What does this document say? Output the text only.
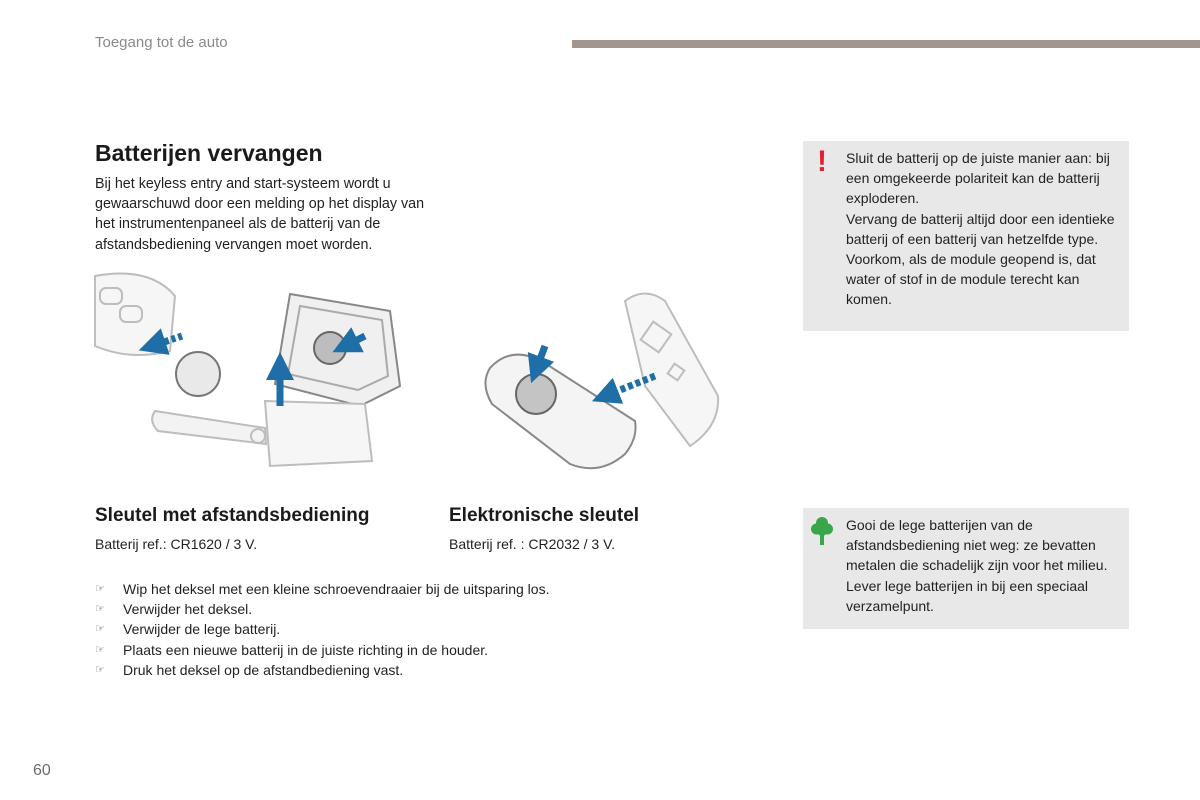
Toegang tot de auto
Batterijen vervangen
Bij het keyless entry and start-systeem wordt u gewaarschuwd door een melding op het display van het instrumentenpaneel als de batterij van de afstandsbediening vervangen moet worden.
Sleutel met afstandsbediening	Elektronische sleutel
Batterij ref.: CR1620 / 3 V.	Batterij ref. : CR2032 / 3 V.
☞ Wip het deksel met een kleine schroevendraaier bij de uitsparing los.
☞ Verwijder het deksel.
☞ Verwijder de lege batterij.
☞ Plaats een nieuwe batterij in de juiste richting in de houder.
☞ Druk het deksel op de afstandbediening vast.
! Sluit de batterij op de juiste manier aan: bij een omgekeerde polariteit kan de batterij exploderen.
Vervang de batterij altijd door een identieke batterij of een batterij van hetzelfde type.
Voorkom, als de module geopend is, dat water of stof in de module terecht kan komen.
Gooi de lege batterijen van de afstandsbediening niet weg: ze bevatten metalen die schadelijk zijn voor het milieu. Lever lege batterijen in bij een speciaal verzamelpunt.
60
